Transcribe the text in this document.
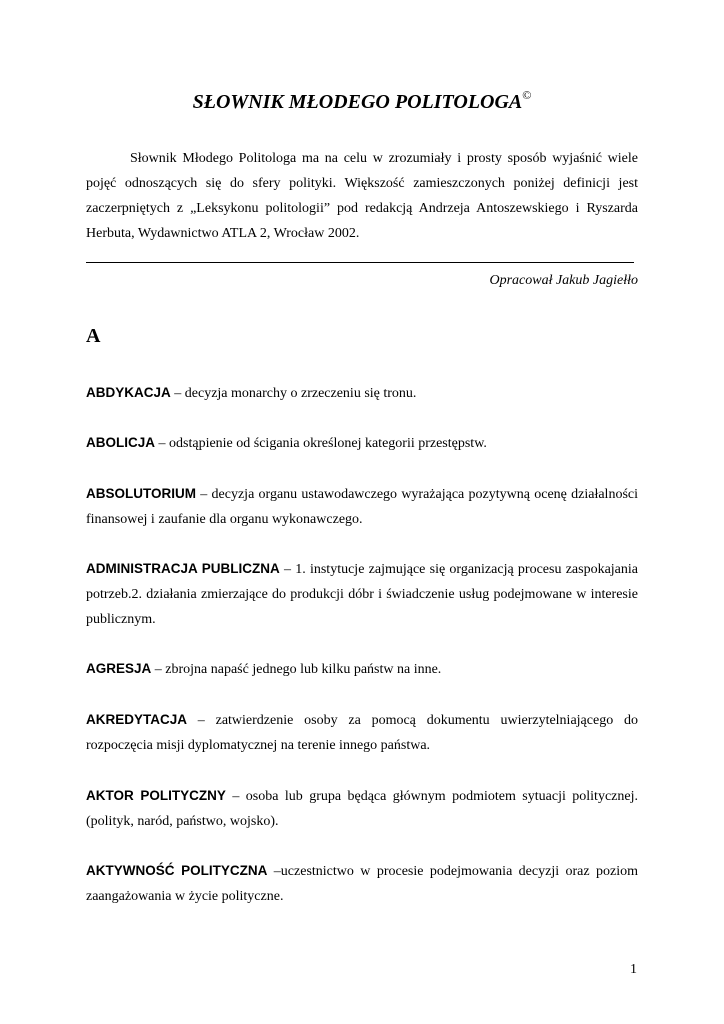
SŁOWNIK MŁODEGO POLITOLOGA©

Słownik Młodego Politologa ma na celu w zrozumiały i prosty sposób wyjaśnić wiele pojęć odnoszących się do sfery polityki. Większość zamieszczonych poniżej definicji jest zaczerpniętych z „Leksykonu politologii” pod redakcją Andrzeja Antoszewskiego i Ryszarda Herbuta, Wydawnictwo ATLA 2, Wrocław 2002.

Opracował Jakub Jagiełło

A

ABDYKACJA – decyzja monarchy o zrzeczeniu się tronu.

ABOLICJA – odstąpienie od ścigania określonej kategorii przestępstw.

ABSOLUTORIUM – decyzja organu ustawodawczego wyrażająca pozytywną ocenę działalności finansowej i zaufanie dla organu wykonawczego.

ADMINISTRACJA PUBLICZNA – 1. instytucje zajmujące się organizacją procesu zaspokajania potrzeb.2. działania zmierzające do produkcji dóbr i świadczenie usług podejmowane w interesie publicznym.

AGRESJA – zbrojna napaść jednego lub kilku państw na inne.

AKREDYTACJA – zatwierdzenie osoby za pomocą dokumentu uwierzytelniającego do rozpoczęcia misji dyplomatycznej na terenie innego państwa.

AKTOR POLITYCZNY – osoba lub grupa będąca głównym podmiotem sytuacji politycznej. (polityk, naród, państwo, wojsko).

AKTYWNOŚĆ POLITYCZNA –uczestnictwo w procesie podejmowania decyzji oraz poziom zaangażowania w życie polityczne.

1
